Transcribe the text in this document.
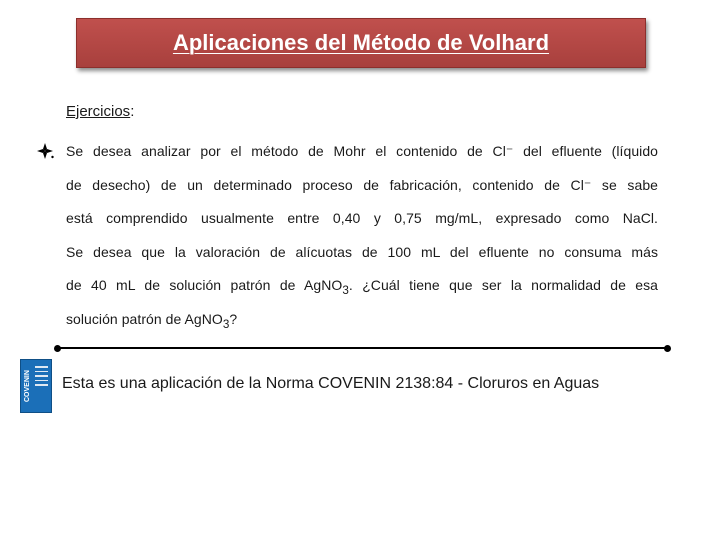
Aplicaciones del Método de Volhard
Ejercicios:
Se desea analizar por el método de Mohr el contenido de Cl⁻ del efluente (líquido
de desecho) de un determinado proceso de fabricación, contenido de Cl⁻ se sabe
está comprendido usualmente entre 0,40 y 0,75 mg/mL, expresado como NaCl.
Se desea que la valoración de alícuotas de 100 mL del efluente no consuma más
de 40 mL de solución patrón de AgNO$_3$. ¿Cuál tiene que ser la normalidad de esa
solución patrón de AgNO$_3$?
COVENIN Esta es una aplicación de la Norma COVENIN 2138:84 - Cloruros en Aguas
